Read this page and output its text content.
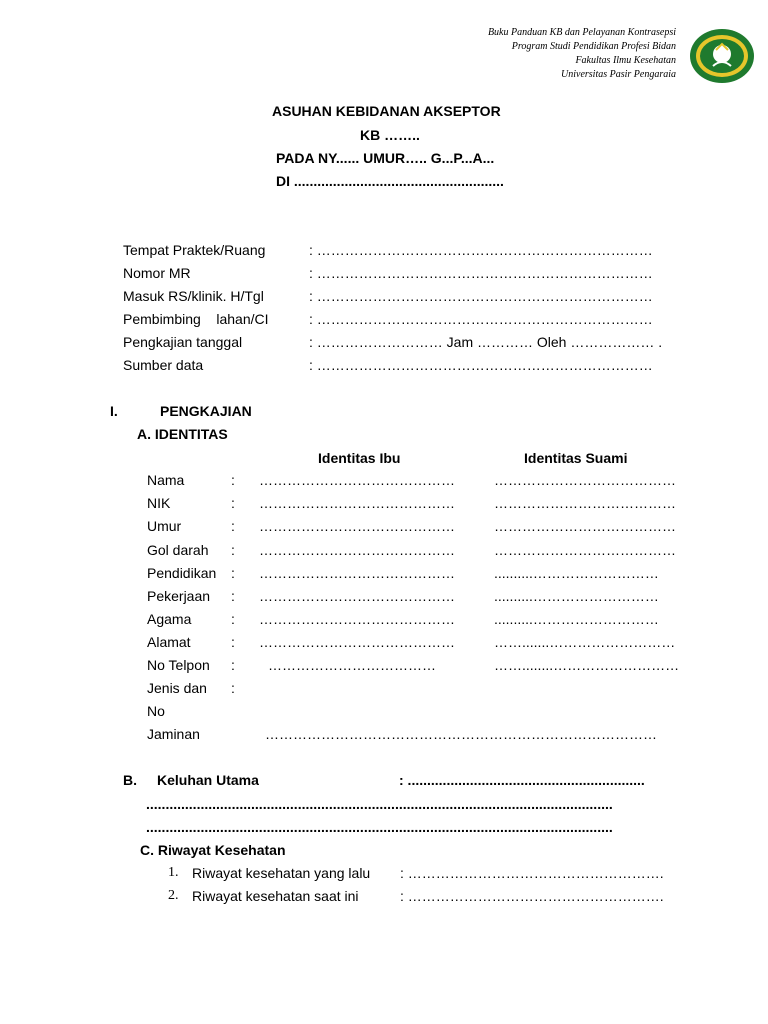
Buku Panduan KB dan Pelayanan Kontrasepsi
Program Studi Pendidikan Profesi Bidan
Fakultas Ilmu Kesehatan
Universitas Pasir Pengaraia
ASUHAN KEBIDANAN AKSEPTOR
KB ……..
PADA NY...... UMUR….. G...P...A...
DI ......................................................
Tempat Praktek/Ruang	: ………………………………………………………………
Nomor MR	: ………………………………………………………………
Masuk RS/klinik. H/Tgl	: ………………………………………………………………
Pembimbing    lahan/CI	: ………………………………………………………………
Pengkajian tanggal	: ……………………… Jam ………… Oleh ……………… .
Sumber data	: ………………………………………………………………
I.	PENGKAJIAN
A. IDENTITAS
Identitas Ibu	Identitas Suami
Nama	: ……………………………………	…………………………………
NIK	: ……………………………………	…………………………………
Umur	: ……………………………………	…………………………………
Gol darah : ……………………………………	…………………………………
Pendidikan : ……………………………………	..........………………………
Pekerjaan : ……………………………………	..........………………………
Agama	: ……………………………………	..........………………………
Alamat	: ……………………………………	…….......………………………
No Telpon : ………………………………	……........………………………
Jenis dan :
No
Jaminan	…………………………………………………………………………
B. Keluhan Utama	: .............................................................
........................................................................................................................
........................................................................................................................
C. Riwayat Kesehatan
1. Riwayat kesehatan yang lalu : ……………………………………………….
2. Riwayat kesehatan saat ini	: ……………………………………………….
